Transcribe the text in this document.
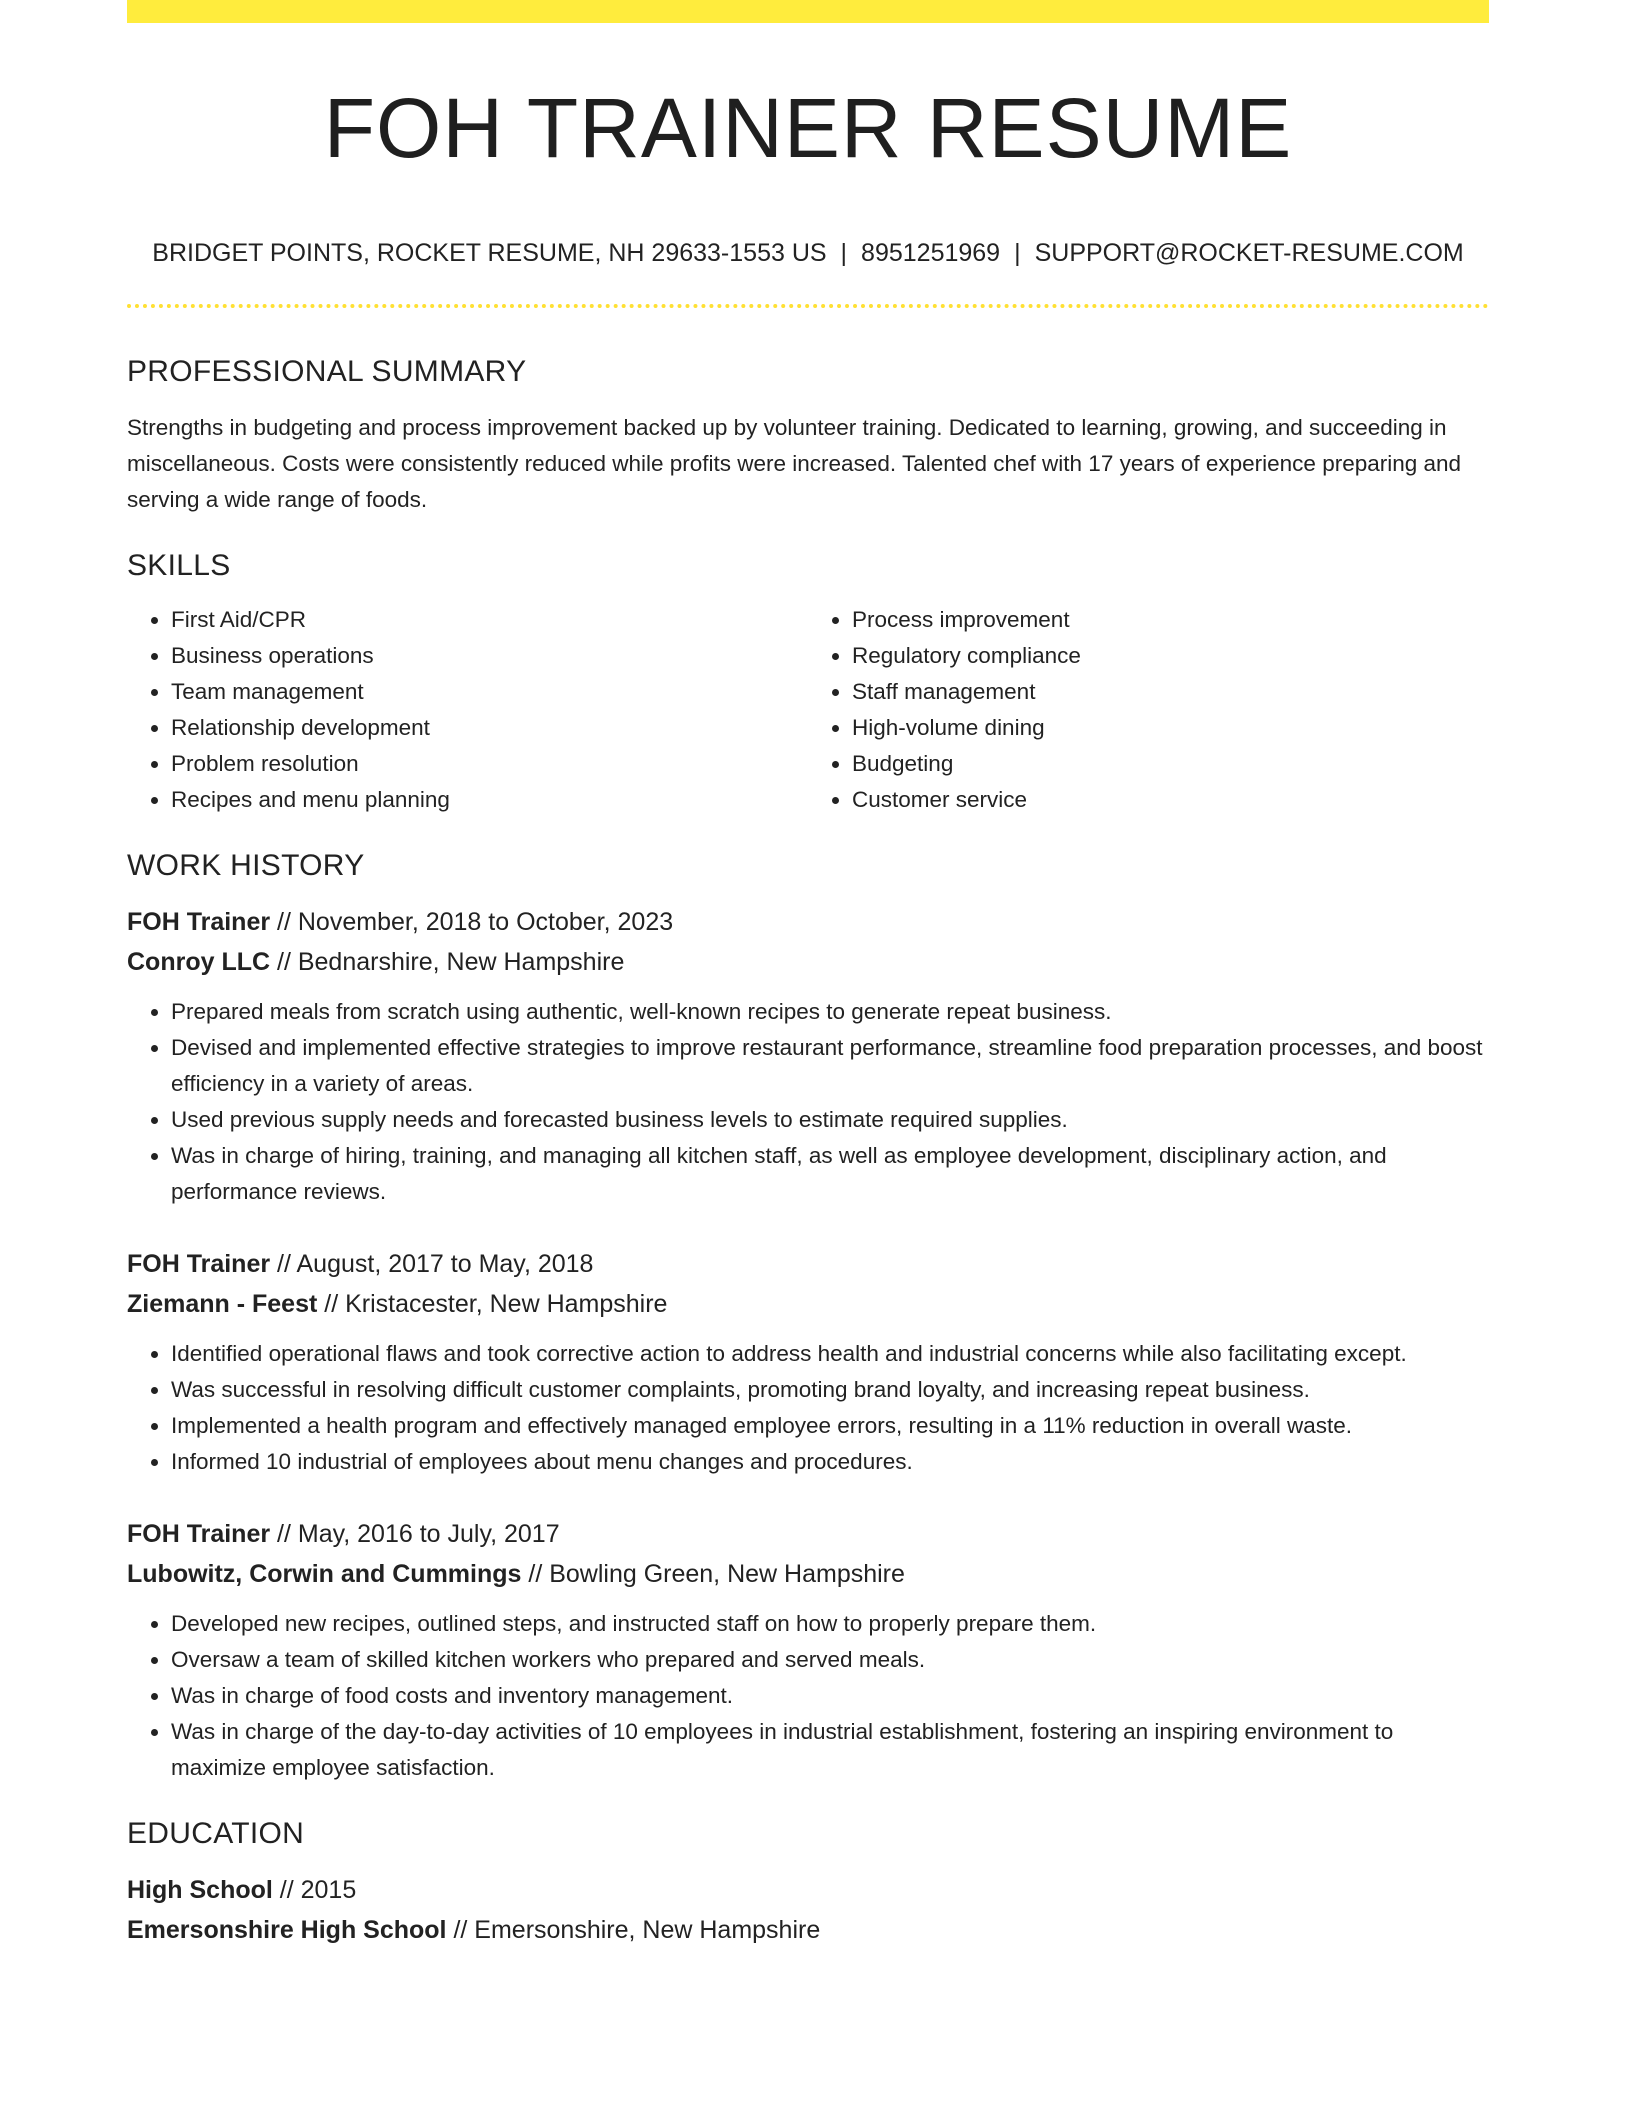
FOH TRAINER RESUME
BRIDGET POINTS, ROCKET RESUME, NH 29633-1553 US | 8951251969 | SUPPORT@ROCKET-RESUME.COM
PROFESSIONAL SUMMARY

Strengths in budgeting and process improvement backed up by volunteer training. Dedicated to learning, growing, and succeeding in miscellaneous. Costs were consistently reduced while profits were increased. Talented chef with 17 years of experience preparing and serving a wide range of foods.

SKILLS
• First Aid/CPR
• Business operations
• Team management
• Relationship development
• Problem resolution
• Recipes and menu planning
• Process improvement
• Regulatory compliance
• Staff management
• High-volume dining
• Budgeting
• Customer service
WORK HISTORY
FOH Trainer // November, 2018 to October, 2023
Conroy LLC // Bednarshire, New Hampshire
• Prepared meals from scratch using authentic, well-known recipes to generate repeat business.
• Devised and implemented effective strategies to improve restaurant performance, streamline food preparation processes, and boost efficiency in a variety of areas.
• Used previous supply needs and forecasted business levels to estimate required supplies.
• Was in charge of hiring, training, and managing all kitchen staff, as well as employee development, disciplinary action, and performance reviews.
FOH Trainer // August, 2017 to May, 2018
Ziemann - Feest // Kristacester, New Hampshire
• Identified operational flaws and took corrective action to address health and industrial concerns while also facilitating except.
• Was successful in resolving difficult customer complaints, promoting brand loyalty, and increasing repeat business.
• Implemented a health program and effectively managed employee errors, resulting in a 11% reduction in overall waste.
• Informed 10 industrial of employees about menu changes and procedures.
FOH Trainer // May, 2016 to July, 2017
Lubowitz, Corwin and Cummings // Bowling Green, New Hampshire
• Developed new recipes, outlined steps, and instructed staff on how to properly prepare them.
• Oversaw a team of skilled kitchen workers who prepared and served meals.
• Was in charge of food costs and inventory management.
• Was in charge of the day-to-day activities of 10 employees in industrial establishment, fostering an inspiring environment to maximize employee satisfaction.
EDUCATION
High School // 2015
Emersonshire High School // Emersonshire, New Hampshire
